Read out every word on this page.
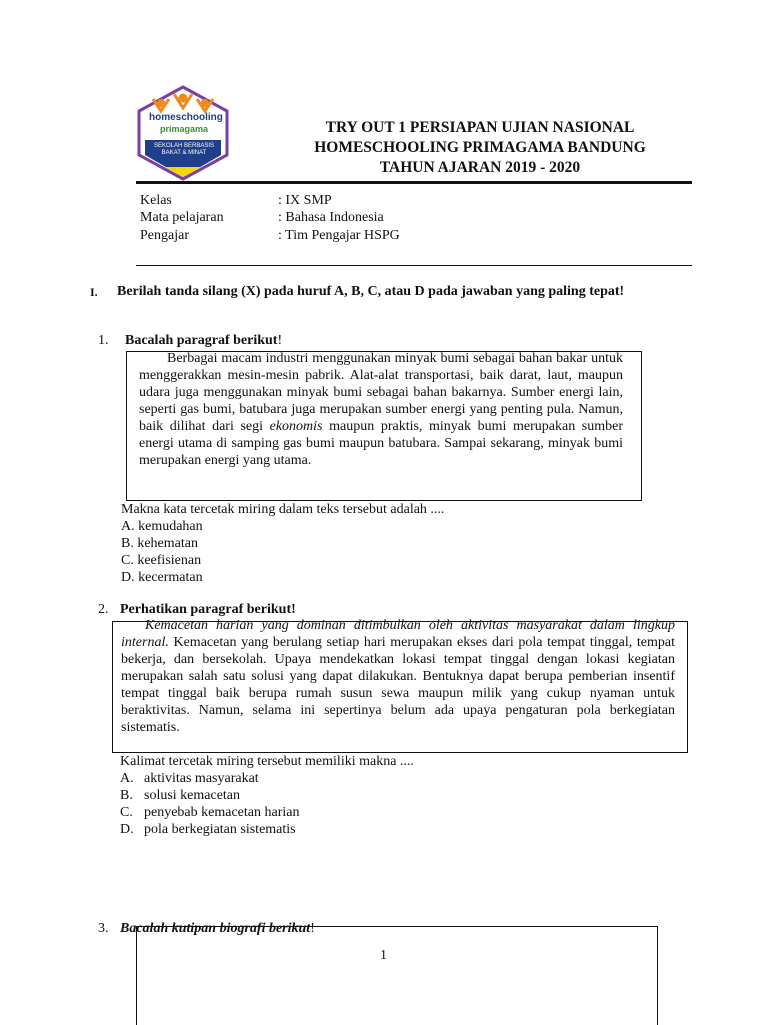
homeschooling
primagama
SEKOLAH BERBASIS
BAKAT & MINAT
TRY OUT 1 PERSIAPAN UJIAN NASIONAL
HOMESCHOOLING PRIMAGAMA BANDUNG
TAHUN AJARAN 2019 - 2020
Kelas	: IX SMP
Mata pelajaran	: Bahasa Indonesia
Pengajar	: Tim Pengajar HSPG
I. Berilah tanda silang (X) pada huruf A, B, C, atau D pada jawaban yang paling tepat!
1. Bacalah paragraf berikut!
Berbagai macam industri menggunakan minyak bumi sebagai bahan bakar untuk menggerakkan mesin-mesin pabrik. Alat-alat transportasi, baik darat, laut, maupun udara juga menggunakan minyak bumi sebagai bahan bakarnya. Sumber energi lain, seperti gas bumi, batubara juga merupakan sumber energi yang penting pula. Namun, baik dilihat dari segi ekonomis maupun praktis, minyak bumi merupakan sumber energi utama di samping gas bumi maupun batubara. Sampai sekarang, minyak bumi merupakan energi yang utama.
Makna kata tercetak miring dalam teks tersebut adalah ....
A. kemudahan
B. kehematan
C. keefisienan
D. kecermatan
2. Perhatikan paragraf berikut!
Kemacetan harian yang dominan ditimbulkan oleh aktivitas masyarakat dalam lingkup internal. Kemacetan yang berulang setiap hari merupakan ekses dari pola tempat tinggal, tempat bekerja, dan bersekolah. Upaya mendekatkan lokasi tempat tinggal dengan lokasi kegiatan merupakan salah satu solusi yang dapat dilakukan. Bentuknya dapat berupa pemberian insentif tempat tinggal baik berupa rumah susun sewa maupun milik yang cukup nyaman untuk beraktivitas. Namun, selama ini sepertinya belum ada upaya pengaturan pola berkegiatan sistematis.
Kalimat tercetak miring tersebut memiliki makna ....
A. aktivitas masyarakat
B. solusi kemacetan
C. penyebab kemacetan harian
D. pola berkegiatan sistematis
3. Bacalah kutipan biografi berikut!
1
